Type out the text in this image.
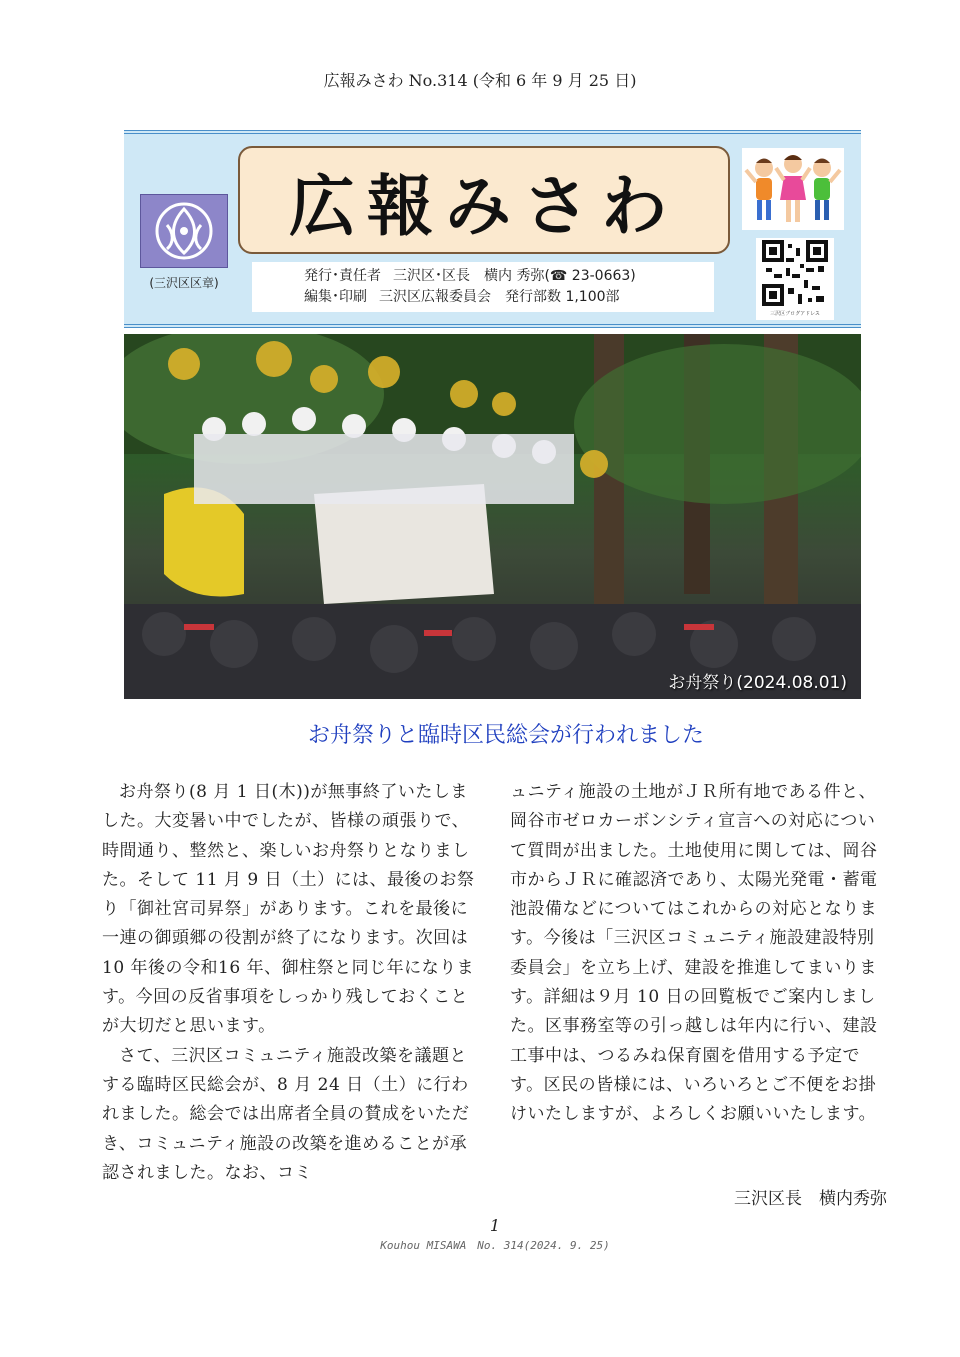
広報みさわ No.314 (令和 6 年 9 月 25 日)
(三沢区区章)
広報みさわ
発行･責任者 三沢区･区長　横内 秀弥(☎ 23-0663)
編集･印刷 三沢区広報委員会　発行部数 1,100部
三沢区ブログアドレス
お舟祭り(2024.08.01)
お舟祭りと臨時区民総会が行われました

お舟祭り(8 月 1 日(木))が無事終了いたしました。大変暑い中でしたが、皆様の頑張りで、時間通り、整然と、楽しいお舟祭りとなりました。そして 11 月 9 日（土）には、最後のお祭り「御社宮司昇祭」があります。これを最後に一連の御頭郷の役割が終了になります。次回は 10 年後の令和16 年、御柱祭と同じ年になります。今回の反省事項をしっかり残しておくことが大切だと思います。

さて、三沢区コミュニティ施設改築を議題とする臨時区民総会が、8 月 24 日（土）に行われました。総会では出席者全員の賛成をいただき、コミュニティ施設の改築を進めることが承認されました。なお、コミ

ュニティ施設の土地がＪＲ所有地である件と、岡谷市ゼロカーボンシティ宣言への対応について質問が出ました。土地使用に関しては、岡谷市からＪＲに確認済であり、太陽光発電・蓄電池設備などについてはこれからの対応となります。今後は「三沢区コミュニティ施設建設特別委員会」を立ち上げ、建設を推進してまいります。詳細は９月 10 日の回覧板でご案内しました。区事務室等の引っ越しは年内に行い、建設工事中は、つるみね保育園を借用する予定です。区民の皆様には、いろいろとご不便をお掛けいたしますが、よろしくお願いいたします。

三沢区長　横内秀弥
1
Kouhou MISAWA　No. 314(2024. 9. 25)
